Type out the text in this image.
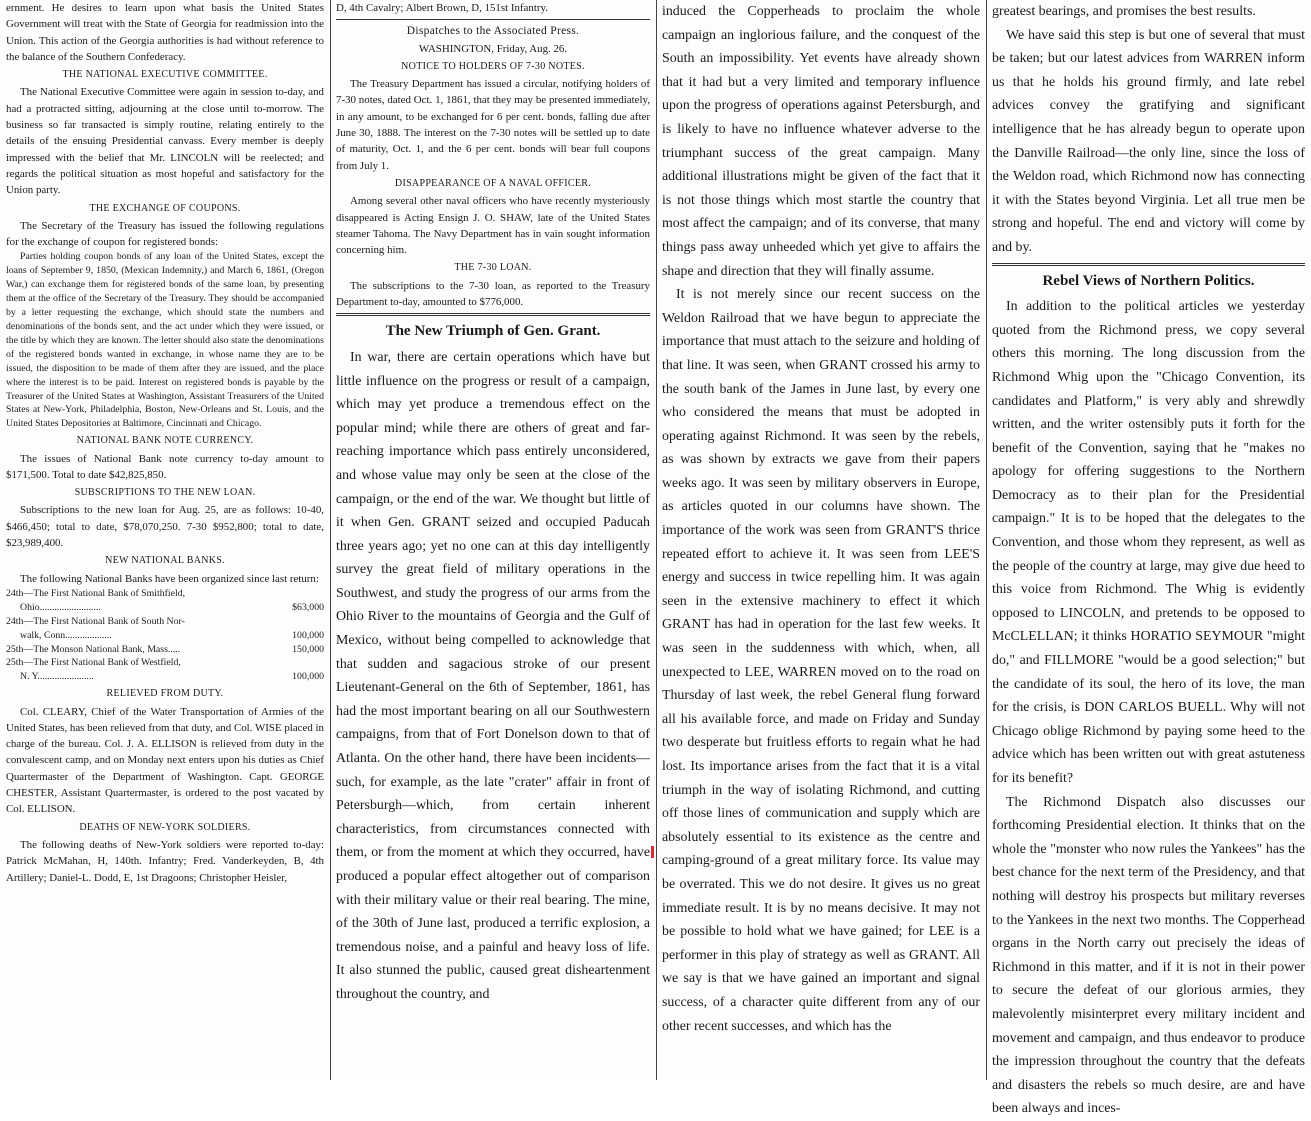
ernment. He desires to learn upon what basis the United States Government will treat with the State of Georgia for readmission into the Union. This action of the Georgia authorities is had without reference to the balance of the Southern Confederacy.

THE NATIONAL EXECUTIVE COMMITTEE.

The National Executive Committee were again in session to-day, and had a protracted sitting, adjourning at the close until to-morrow. The business so far transacted is simply routine, relating entirely to the details of the ensuing Presidential canvass. Every member is deeply impressed with the belief that Mr. LINCOLN will be reelected; and regards the political situation as most hopeful and satisfactory for the Union party.

THE EXCHANGE OF COUPONS.

The Secretary of the Treasury has issued the following regulations for the exchange of coupon for registered bonds:

Parties holding coupon bonds of any loan of the United States, except the loans of September 9, 1850, (Mexican Indemnity,) and March 6, 1861, (Oregon War,) can exchange them for registered bonds of the same loan, by presenting them at the office of the Secretary of the Treasury. They should be accompanied by a letter requesting the exchange, which should state the numbers and denominations of the bonds sent, and the act under which they were issued, or the title by which they are known. The letter should also state the denominations of the registered bonds wanted in exchange, in whose name they are to be issued, the disposition to be made of them after they are issued, and the place where the interest is to be paid. Interest on registered bonds is payable by the Treasurer of the United States at Washington, Assistant Treasurers of the United States at New-York, Philadelphia, Boston, New-Orleans and St. Louis, and the United States Depositories at Baltimore, Cincinnati and Chicago.

NATIONAL BANK NOTE CURRENCY.

The issues of National Bank note currency to-day amount to $171,500. Total to date $42,825,850.

SUBSCRIPTIONS TO THE NEW LOAN.

Subscriptions to the new loan for Aug. 25, are as follows: 10-40, $466,450; total to date, $78,070,250. 7-30 $952,800; total to date, $23,989,400.

NEW NATIONAL BANKS.

The following National Banks have been organized since last return:

24th—The First National Bank of Smithfield,
Ohio.........................	$63,000
24th—The First National Bank of South Nor-
walk, Conn...................	100,000
25th—The Monson National Bank, Mass.....	150,000
25th—The First National Bank of Westfield,
N. Y.......................	100,000
RELIEVED FROM DUTY.

Col. CLEARY, Chief of the Water Transportation of Armies of the United States, has been relieved from that duty, and Col. WISE placed in charge of the bureau. Col. J. A. ELLISON is relieved from duty in the convalescent camp, and on Monday next enters upon his duties as Chief Quartermaster of the Department of Washington. Capt. GEORGE CHESTER, Assistant Quartermaster, is ordered to the post vacated by Col. ELLISON.

DEATHS OF NEW-YORK SOLDIERS.

The following deaths of New-York soldiers were reported to-day: Patrick McMahan, H, 140th. Infantry; Fred. Vanderkeyden, B, 4th Artillery; Daniel-L. Dodd, E, 1st Dragoons; Christopher Heisler,

D, 4th Cavalry; Albert Brown, D, 151st Infantry.

Dispatches to the Associated Press.
WASHINGTON, Friday, Aug. 26.
NOTICE TO HOLDERS OF 7-30 NOTES.

The Treasury Department has issued a circular, notifying holders of 7-30 notes, dated Oct. 1, 1861, that they may be presented immediately, in any amount, to be exchanged for 6 per cent. bonds, falling due after June 30, 1888. The interest on the 7-30 notes will be settled up to date of maturity, Oct. 1, and the 6 per cent. bonds will bear full coupons from July 1.

DISAPPEARANCE OF A NAVAL OFFICER.

Among several other naval officers who have recently mysteriously disappeared is Acting Ensign J. O. SHAW, late of the United States steamer Tahoma. The Navy Department has in vain sought information concerning him.

THE 7-30 LOAN.

The subscriptions to the 7-30 loan, as reported to the Treasury Department to-day, amounted to $776,000.

The New Triumph of Gen. Grant.

In war, there are certain operations which have but little influence on the progress or result of a campaign, which may yet produce a tremendous effect on the popular mind; while there are others of great and far-reaching importance which pass entirely unconsidered, and whose value may only be seen at the close of the campaign, or the end of the war. We thought but little of it when Gen. GRANT seized and occupied Paducah three years ago; yet no one can at this day intelligently survey the great field of military operations in the Southwest, and study the progress of our arms from the Ohio River to the mountains of Georgia and the Gulf of Mexico, without being compelled to acknowledge that that sudden and sagacious stroke of our present Lieutenant-General on the 6th of September, 1861, has had the most important bearing on all our Southwestern campaigns, from that of Fort Donelson down to that of Atlanta. On the other hand, there have been incidents—such, for example, as the late "crater" affair in front of Petersburgh—which, from certain inherent characteristics, from circumstances connected with them, or from the moment at which they occurred, have produced a popular effect altogether out of comparison with their military value or their real bearing. The mine, of the 30th of June last, produced a terrific explosion, a tremendous noise, and a painful and heavy loss of life. It also stunned the public, caused great disheartenment throughout the country, and

induced the Copperheads to proclaim the whole campaign an inglorious failure, and the conquest of the South an impossibility. Yet events have already shown that it had but a very limited and temporary influence upon the progress of operations against Petersburgh, and is likely to have no influence whatever adverse to the triumphant success of the great campaign. Many additional illustrations might be given of the fact that it is not those things which most startle the country that most affect the campaign; and of its converse, that many things pass away unheeded which yet give to affairs the shape and direction that they will finally assume.

It is not merely since our recent success on the Weldon Railroad that we have begun to appreciate the importance that must attach to the seizure and holding of that line. It was seen, when GRANT crossed his army to the south bank of the James in June last, by every one who considered the means that must be adopted in operating against Richmond. It was seen by the rebels, as was shown by extracts we gave from their papers weeks ago. It was seen by military observers in Europe, as articles quoted in our columns have shown. The importance of the work was seen from GRANT'S thrice repeated effort to achieve it. It was seen from LEE'S energy and success in twice repelling him. It was again seen in the extensive machinery to effect it which GRANT has had in operation for the last few weeks. It was seen in the suddenness with which, when, all unexpected to LEE, WARREN moved on to the road on Thursday of last week, the rebel General flung forward all his available force, and made on Friday and Sunday two desperate but fruitless efforts to regain what he had lost. Its importance arises from the fact that it is a vital triumph in the way of isolating Richmond, and cutting off those lines of communication and supply which are absolutely essential to its existence as the centre and camping-ground of a great military force. Its value may be overrated. This we do not desire. It gives us no great immediate result. It is by no means decisive. It may not be possible to hold what we have gained; for LEE is a performer in this play of strategy as well as GRANT. All we say is that we have gained an important and signal success, of a character quite different from any of our other recent successes, and which has the

greatest bearings, and promises the best results.

We have said this step is but one of several that must be taken; but our latest advices from WARREN inform us that he holds his ground firmly, and late rebel advices convey the gratifying and significant intelligence that he has already begun to operate upon the Danville Railroad—the only line, since the loss of the Weldon road, which Richmond now has connecting it with the States beyond Virginia. Let all true men be strong and hopeful. The end and victory will come by and by.

Rebel Views of Northern Politics.

In addition to the political articles we yesterday quoted from the Richmond press, we copy several others this morning. The long discussion from the Richmond Whig upon the "Chicago Convention, its candidates and Platform," is very ably and shrewdly written, and the writer ostensibly puts it forth for the benefit of the Convention, saying that he "makes no apology for offering suggestions to the Northern Democracy as to their plan for the Presidential campaign." It is to be hoped that the delegates to the Convention, and those whom they represent, as well as the people of the country at large, may give due heed to this voice from Richmond. The Whig is evidently opposed to LINCOLN, and pretends to be opposed to McCLELLAN; it thinks HORATIO SEYMOUR "might do," and FILLMORE "would be a good selection;" but the candidate of its soul, the hero of its love, the man for the crisis, is DON CARLOS BUELL. Why will not Chicago oblige Richmond by paying some heed to the advice which has been written out with great astuteness for its benefit?

The Richmond Dispatch also discusses our forthcoming Presidential election. It thinks that on the whole the "monster who now rules the Yankees" has the best chance for the next term of the Presidency, and that nothing will destroy his prospects but military reverses to the Yankees in the next two months. The Copperhead organs in the North carry out precisely the ideas of Richmond in this matter, and if it is not in their power to secure the defeat of our glorious armies, they malevolently misinterpret every military incident and movement and campaign, and thus endeavor to produce the impression throughout the country that the defeats and disasters the rebels so much desire, are and have been always and inces-
